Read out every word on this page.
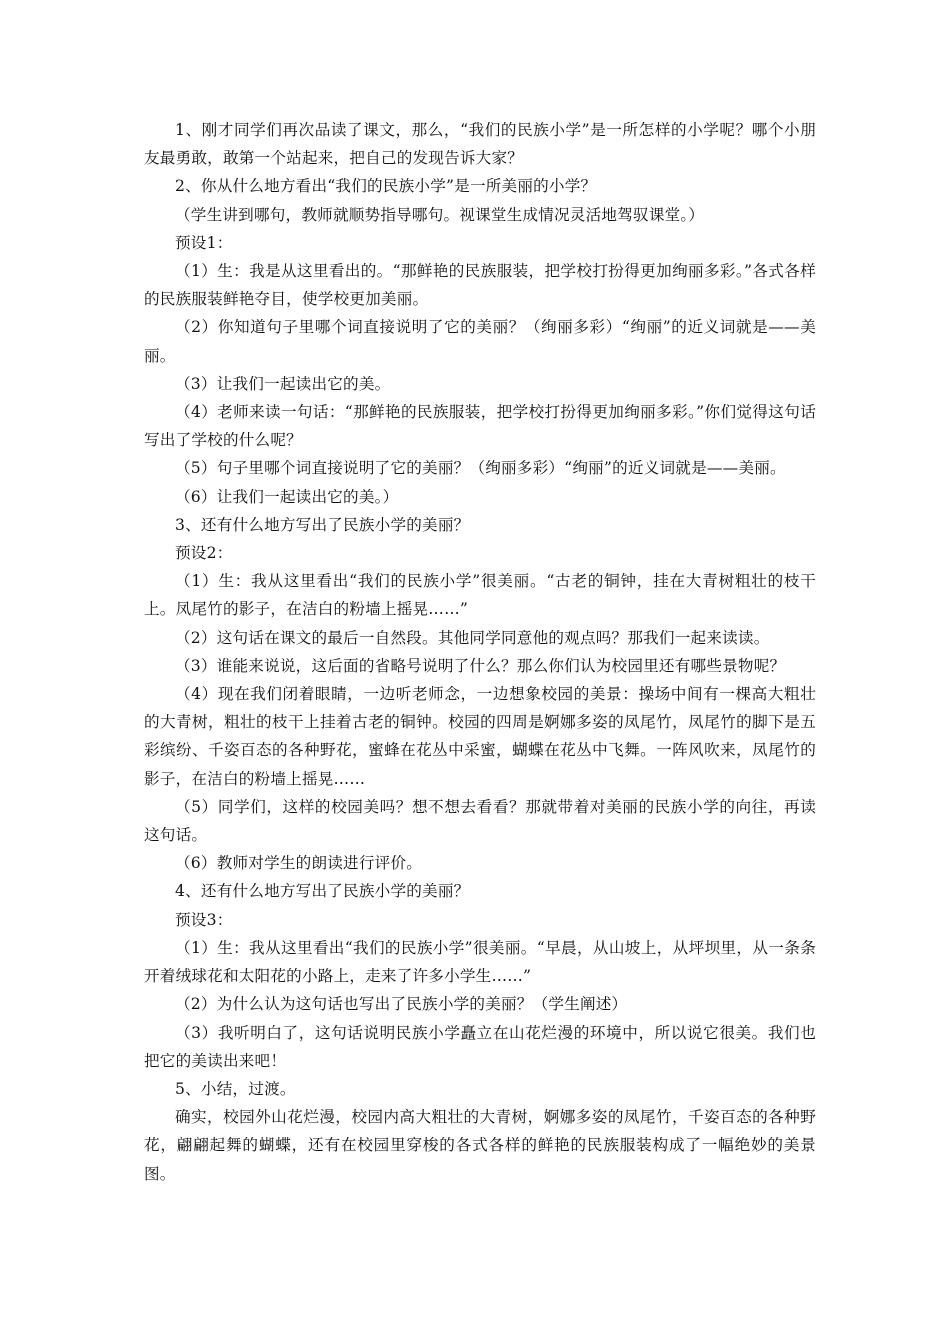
1、刚才同学们再次品读了课文，那么，“我们的民族小学”是一所怎样的小学呢？哪个小朋友最勇敢，敢第一个站起来，把自己的发现告诉大家？

2、你从什么地方看出“我们的民族小学”是一所美丽的小学？

（学生讲到哪句，教师就顺势指导哪句。视课堂生成情况灵活地驾驭课堂。）

预设1：

（1）生：我是从这里看出的。“那鲜艳的民族服装，把学校打扮得更加绚丽多彩。”各式各样的民族服装鲜艳夺目，使学校更加美丽。

（2）你知道句子里哪个词直接说明了它的美丽？（绚丽多彩）“绚丽”的近义词就是——美丽。

（3）让我们一起读出它的美。

（4）老师来读一句话：“那鲜艳的民族服装，把学校打扮得更加绚丽多彩。”你们觉得这句话写出了学校的什么呢？

（5）句子里哪个词直接说明了它的美丽？（绚丽多彩）“绚丽”的近义词就是——美丽。

（6）让我们一起读出它的美。）

3、还有什么地方写出了民族小学的美丽？

预设2：

（1）生：我从这里看出“我们的民族小学”很美丽。“古老的铜钟，挂在大青树粗壮的枝干上。凤尾竹的影子，在洁白的粉墙上摇晃……”

（2）这句话在课文的最后一自然段。其他同学同意他的观点吗？那我们一起来读读。

（3）谁能来说说，这后面的省略号说明了什么？那么你们认为校园里还有哪些景物呢？

（4）现在我们闭着眼睛，一边听老师念，一边想象校园的美景：操场中间有一棵高大粗壮的大青树，粗壮的枝干上挂着古老的铜钟。校园的四周是婀娜多姿的凤尾竹，凤尾竹的脚下是五彩缤纷、千姿百态的各种野花，蜜蜂在花丛中采蜜，蝴蝶在花丛中飞舞。一阵风吹来，凤尾竹的影子，在洁白的粉墙上摇晃……

（5）同学们，这样的校园美吗？想不想去看看？那就带着对美丽的民族小学的向往，再读这句话。

（6）教师对学生的朗读进行评价。

4、还有什么地方写出了民族小学的美丽？

预设3：

（1）生：我从这里看出“我们的民族小学”很美丽。“早晨，从山坡上，从坪坝里，从一条条开着绒球花和太阳花的小路上，走来了许多小学生……”

（2）为什么认为这句话也写出了民族小学的美丽？（学生阐述）

（3）我听明白了，这句话说明民族小学矗立在山花烂漫的环境中，所以说它很美。我们也把它的美读出来吧！

5、小结，过渡。

确实，校园外山花烂漫，校园内高大粗壮的大青树，婀娜多姿的凤尾竹，千姿百态的各种野花，翩翩起舞的蝴蝶，还有在校园里穿梭的各式各样的鲜艳的民族服装构成了一幅绝妙的美景图。
